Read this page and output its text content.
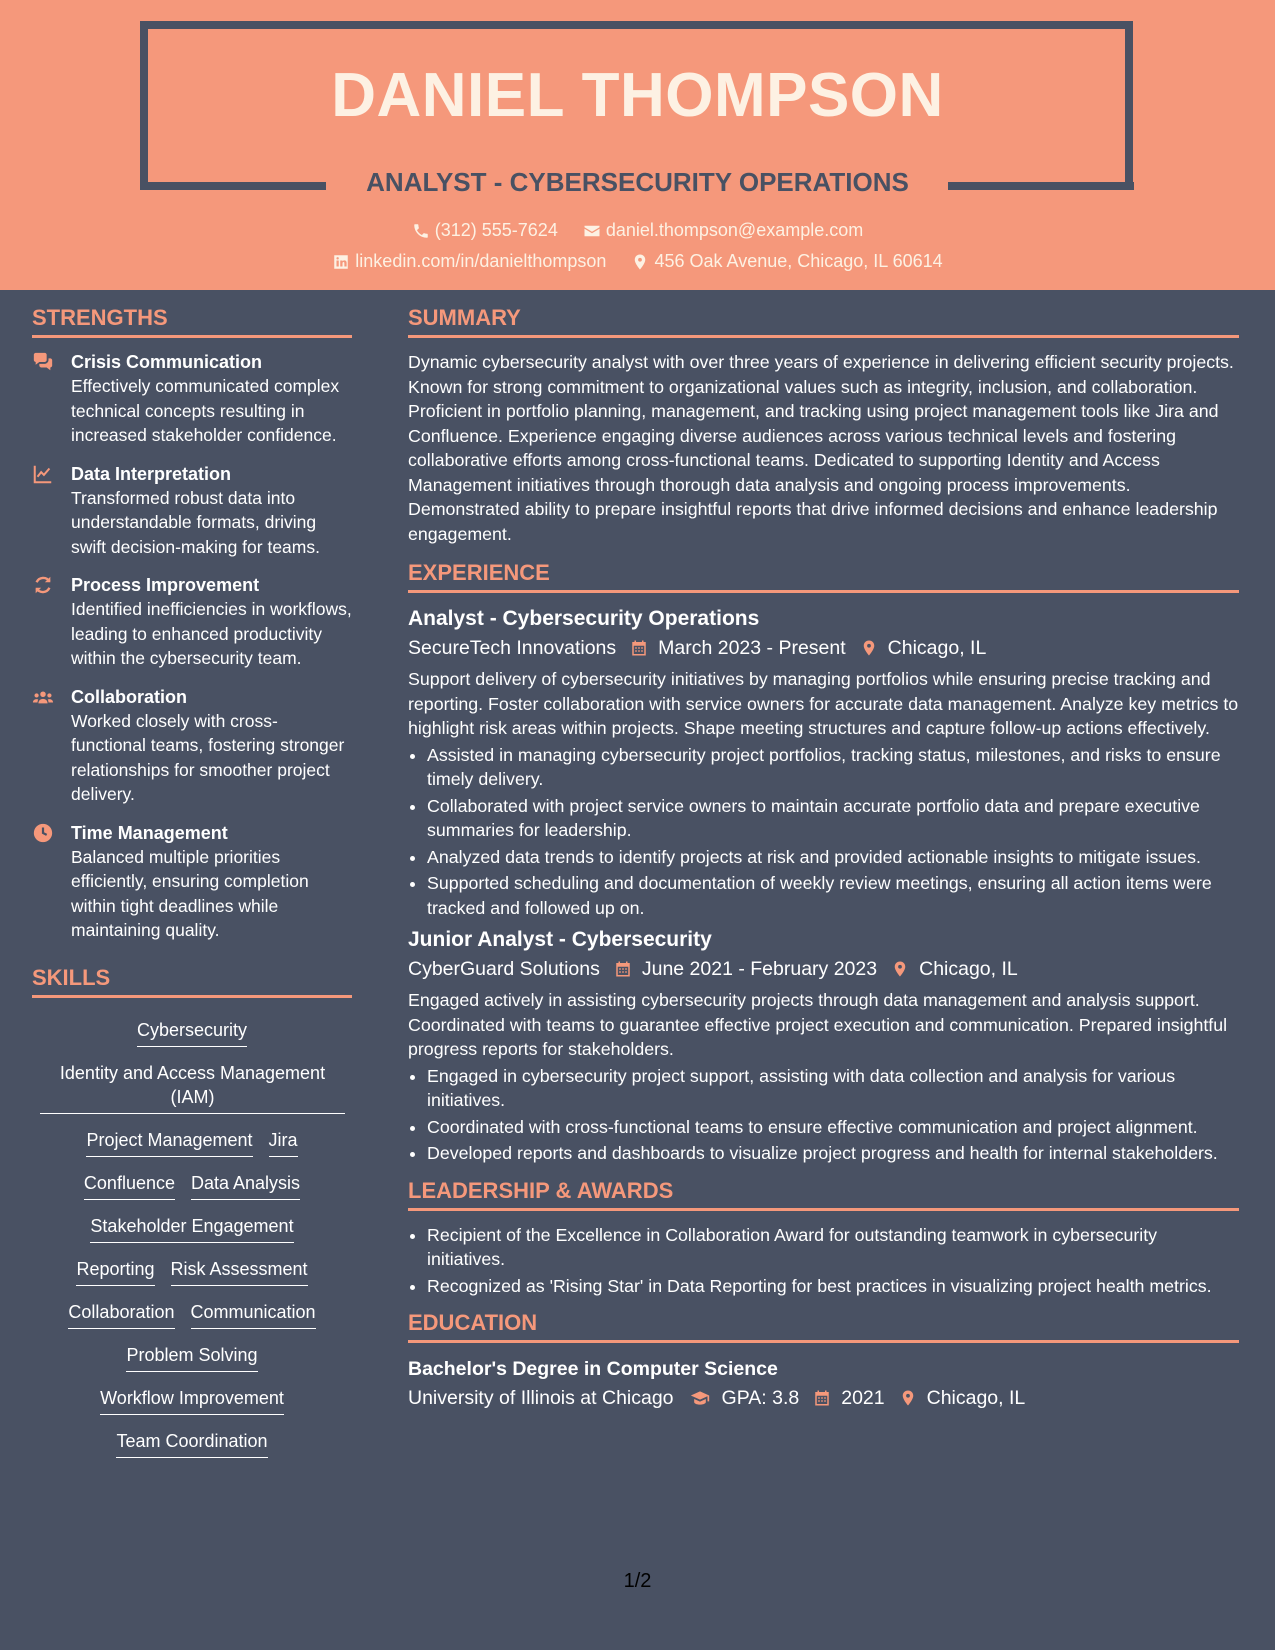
DANIEL THOMPSON
ANALYST - CYBERSECURITY OPERATIONS
(312) 555-7624
	daniel.thompson@example.com
linkedin.com/in/danielthompson
	456 Oak Avenue, Chicago, IL 60614
STRENGTHS
Crisis Communication
Effectively communicated complex technical concepts resulting in increased stakeholder confidence.
Data Interpretation
Transformed robust data into understandable formats, driving swift decision-making for teams.
Process Improvement
Identified inefficiencies in workflows, leading to enhanced productivity within the cybersecurity team.
Collaboration
Worked closely with cross-functional teams, fostering stronger relationships for smoother project delivery.
Time Management
Balanced multiple priorities efficiently, ensuring completion within tight deadlines while maintaining quality.
SKILLS
Cybersecurity
Identity and Access Management (IAM)
Project Management Jira
Confluence Data Analysis
Stakeholder Engagement
Reporting Risk Assessment
Collaboration Communication
Problem Solving
Workflow Improvement
Team Coordination
SUMMARY

Dynamic cybersecurity analyst with over three years of experience in delivering efficient security projects. Known for strong commitment to organizational values such as integrity, inclusion, and collaboration. Proficient in portfolio planning, management, and tracking using project management tools like Jira and Confluence. Experience engaging diverse audiences across various technical levels and fostering collaborative efforts among cross-functional teams. Dedicated to supporting Identity and Access Management initiatives through thorough data analysis and ongoing process improvements. Demonstrated ability to prepare insightful reports that drive informed decisions and enhance leadership engagement.

EXPERIENCE
Analyst - Cybersecurity Operations
SecureTech Innovations March 2023 - Present Chicago, IL

Support delivery of cybersecurity initiatives by managing portfolios while ensuring precise tracking and reporting. Foster collaboration with service owners for accurate data management. Analyze key metrics to highlight risk areas within projects. Shape meeting structures and capture follow-up actions effectively.

• Assisted in managing cybersecurity project portfolios, tracking status, milestones, and risks to ensure timely delivery.
• Collaborated with project service owners to maintain accurate portfolio data and prepare executive summaries for leadership.
• Analyzed data trends to identify projects at risk and provided actionable insights to mitigate issues.
• Supported scheduling and documentation of weekly review meetings, ensuring all action items were tracked and followed up on.
Junior Analyst - Cybersecurity
CyberGuard Solutions June 2021 - February 2023 Chicago, IL

Engaged actively in assisting cybersecurity projects through data management and analysis support. Coordinated with teams to guarantee effective project execution and communication. Prepared insightful progress reports for stakeholders.

• Engaged in cybersecurity project support, assisting with data collection and analysis for various initiatives.
• Coordinated with cross-functional teams to ensure effective communication and project alignment.
• Developed reports and dashboards to visualize project progress and health for internal stakeholders.
LEADERSHIP & AWARDS
• Recipient of the Excellence in Collaboration Award for outstanding teamwork in cybersecurity initiatives.
• Recognized as 'Rising Star' in Data Reporting for best practices in visualizing project health metrics.
EDUCATION
Bachelor's Degree in Computer Science
University of Illinois at Chicago GPA: 3.8 2021 Chicago, IL
1/2
